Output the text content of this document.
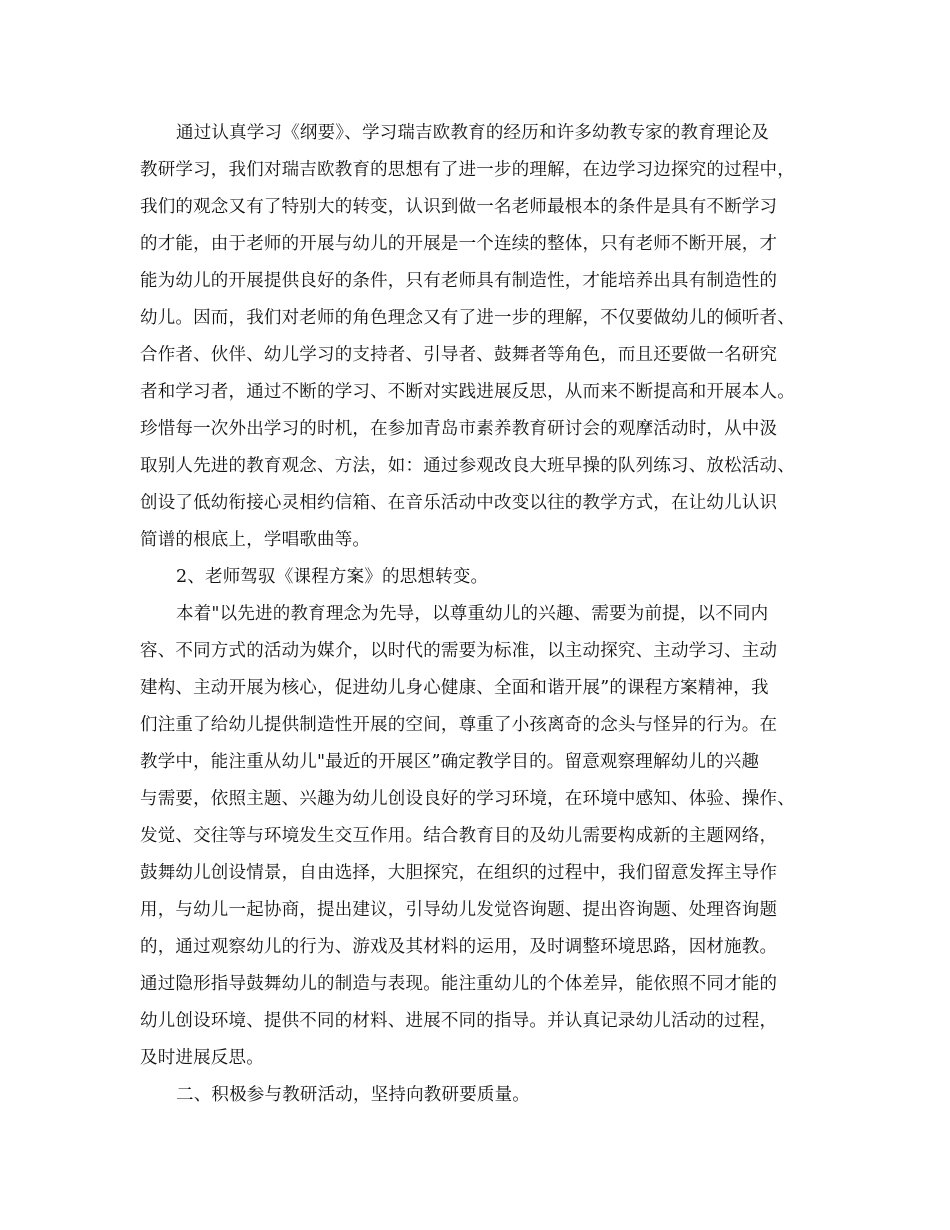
通过认真学习《纲要》、学习瑞吉欧教育的经历和许多幼教专家的教育理论及
教研学习，我们对瑞吉欧教育的思想有了进一步的理解，在边学习边探究的过程中，
我们的观念又有了特别大的转变，认识到做一名老师最根本的条件是具有不断学习
的才能，由于老师的开展与幼儿的开展是一个连续的整体，只有老师不断开展，才
能为幼儿的开展提供良好的条件，只有老师具有制造性，才能培养出具有制造性的
幼儿。因而，我们对老师的角色理念又有了进一步的理解，不仅要做幼儿的倾听者、
合作者、伙伴、幼儿学习的支持者、引导者、鼓舞者等角色，而且还要做一名研究
者和学习者，通过不断的学习、不断对实践进展反思，从而来不断提高和开展本人。
珍惜每一次外出学习的时机，在参加青岛市素养教育研讨会的观摩活动时，从中汲
取别人先进的教育观念、方法，如：通过参观改良大班早操的队列练习、放松活动、
创设了低幼衔接心灵相约信箱、在音乐活动中改变以往的教学方式，在让幼儿认识
简谱的根底上，学唱歌曲等。
2、老师驾驭《课程方案》的思想转变。
本着"以先进的教育理念为先导，以尊重幼儿的兴趣、需要为前提，以不同内
容、不同方式的活动为媒介，以时代的需要为标准，以主动探究、主动学习、主动
建构、主动开展为核心，促进幼儿身心健康、全面和谐开展”的课程方案精神，我
们注重了给幼儿提供制造性开展的空间，尊重了小孩离奇的念头与怪异的行为。在
教学中，能注重从幼儿"最近的开展区”确定教学目的。留意观察理解幼儿的兴趣
与需要，依照主题、兴趣为幼儿创设良好的学习环境，在环境中感知、体验、操作、
发觉、交往等与环境发生交互作用。结合教育目的及幼儿需要构成新的主题网络，
鼓舞幼儿创设情景，自由选择，大胆探究，在组织的过程中，我们留意发挥主导作
用，与幼儿一起协商，提出建议，引导幼儿发觉咨询题、提出咨询题、处理咨询题
的，通过观察幼儿的行为、游戏及其材料的运用，及时调整环境思路，因材施教。
通过隐形指导鼓舞幼儿的制造与表现。能注重幼儿的个体差异，能依照不同才能的
幼儿创设环境、提供不同的材料、进展不同的指导。并认真记录幼儿活动的过程，
及时进展反思。
二、积极参与教研活动，坚持向教研要质量。
